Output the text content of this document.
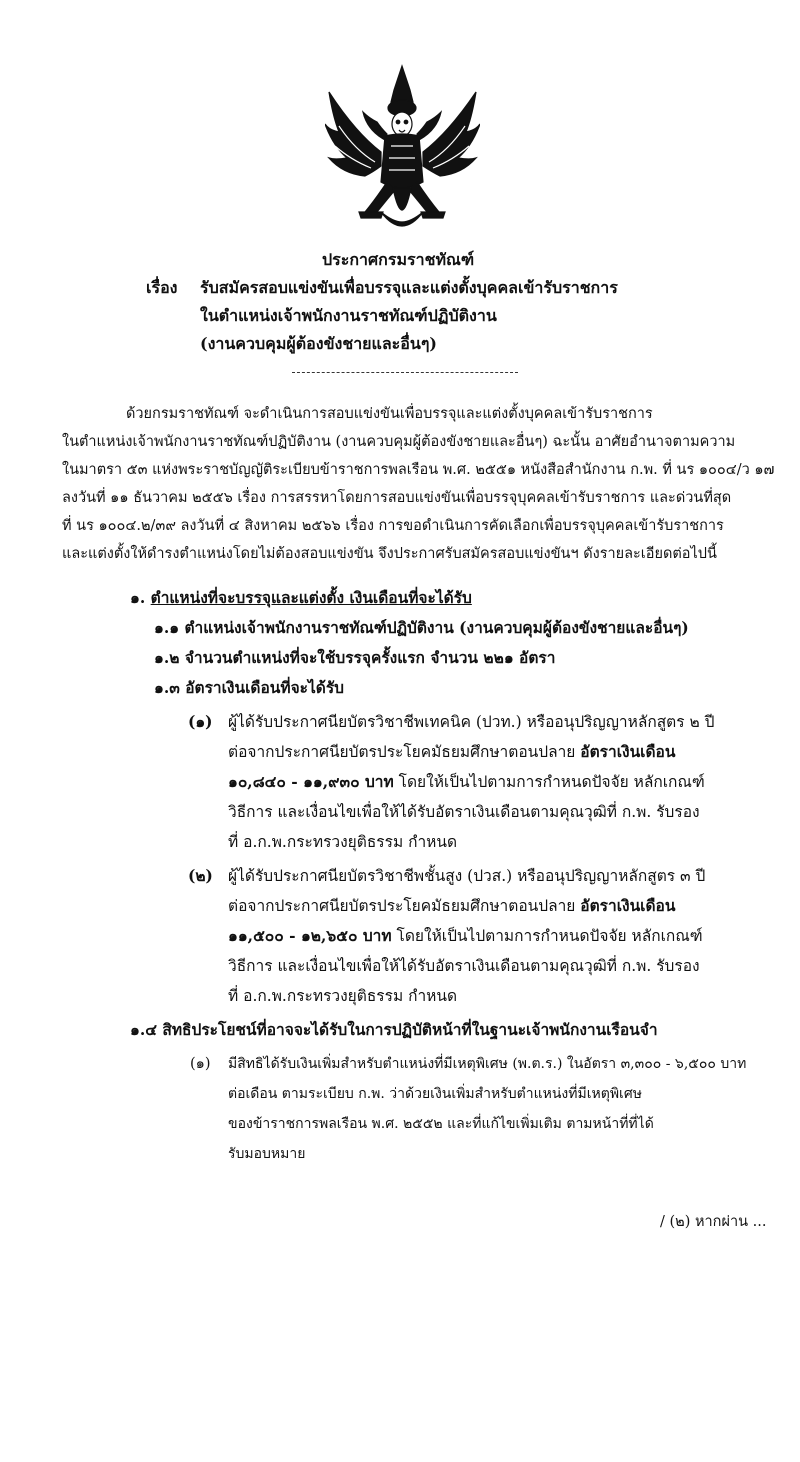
ประกาศกรมราชทัณฑ์
เรื่อง รับสมัครสอบแข่งขันเพื่อบรรจุและแต่งตั้งบุคคลเข้ารับราชการ
ในตำแหน่งเจ้าพนักงานราชทัณฑ์ปฏิบัติงาน
(งานควบคุมผู้ต้องขังชายและอื่นๆ)
ด้วยกรมราชทัณฑ์ จะดำเนินการสอบแข่งขันเพื่อบรรจุและแต่งตั้งบุคคลเข้ารับราชการ
ในตำแหน่งเจ้าพนักงานราชทัณฑ์ปฏิบัติงาน (งานควบคุมผู้ต้องขังชายและอื่นๆ) ฉะนั้น อาศัยอำนาจตามความ
ในมาตรา ๕๓ แห่งพระราชบัญญัติระเบียบข้าราชการพลเรือน พ.ศ. ๒๕๕๑ หนังสือสำนักงาน ก.พ. ที่ นร ๑๐๐๔/ว ๑๗
ลงวันที่ ๑๑ ธันวาคม ๒๕๕๖ เรื่อง การสรรหาโดยการสอบแข่งขันเพื่อบรรจุบุคคลเข้ารับราชการ และด่วนที่สุด
ที่ นร ๑๐๐๔.๒/๓๙ ลงวันที่ ๔ สิงหาคม ๒๕๖๖ เรื่อง การขอดำเนินการคัดเลือกเพื่อบรรจุบุคคลเข้ารับราชการ
และแต่งตั้งให้ดำรงตำแหน่งโดยไม่ต้องสอบแข่งขัน จึงประกาศรับสมัครสอบแข่งขันฯ ดังรายละเอียดต่อไปนี้
๑. ตำแหน่งที่จะบรรจุและแต่งตั้ง เงินเดือนที่จะได้รับ
๑.๑ ตำแหน่งเจ้าพนักงานราชทัณฑ์ปฏิบัติงาน (งานควบคุมผู้ต้องขังชายและอื่นๆ)
๑.๒ จำนวนตำแหน่งที่จะใช้บรรจุครั้งแรก จำนวน ๒๒๑ อัตรา
๑.๓ อัตราเงินเดือนที่จะได้รับ
(๑) ผู้ได้รับประกาศนียบัตรวิชาชีพเทคนิค (ปวท.) หรืออนุปริญญาหลักสูตร ๒ ปี
ต่อจากประกาศนียบัตรประโยคมัธยมศึกษาตอนปลาย อัตราเงินเดือน
๑๐,๘๔๐ - ๑๑,๙๓๐ บาท โดยให้เป็นไปตามการกำหนดปัจจัย หลักเกณฑ์
วิธีการ และเงื่อนไขเพื่อให้ได้รับอัตราเงินเดือนตามคุณวุฒิที่ ก.พ. รับรอง
ที่ อ.ก.พ.กระทรวงยุติธรรม กำหนด
(๒) ผู้ได้รับประกาศนียบัตรวิชาชีพชั้นสูง (ปวส.) หรืออนุปริญญาหลักสูตร ๓ ปี
ต่อจากประกาศนียบัตรประโยคมัธยมศึกษาตอนปลาย อัตราเงินเดือน
๑๑,๕๐๐ - ๑๒,๖๕๐ บาท โดยให้เป็นไปตามการกำหนดปัจจัย หลักเกณฑ์
วิธีการ และเงื่อนไขเพื่อให้ได้รับอัตราเงินเดือนตามคุณวุฒิที่ ก.พ. รับรอง
ที่ อ.ก.พ.กระทรวงยุติธรรม กำหนด
๑.๔ สิทธิประโยชน์ที่อาจจะได้รับในการปฏิบัติหน้าที่ในฐานะเจ้าพนักงานเรือนจำ
(๑) มีสิทธิได้รับเงินเพิ่มสำหรับตำแหน่งที่มีเหตุพิเศษ (พ.ต.ร.) ในอัตรา ๓,๓๐๐ - ๖,๕๐๐ บาท
ต่อเดือน ตามระเบียบ ก.พ. ว่าด้วยเงินเพิ่มสำหรับตำแหน่งที่มีเหตุพิเศษ
ของข้าราชการพลเรือน พ.ศ. ๒๕๕๒ และที่แก้ไขเพิ่มเติม ตามหน้าที่ที่ได้
รับมอบหมาย
/ (๒) หากผ่าน ...
